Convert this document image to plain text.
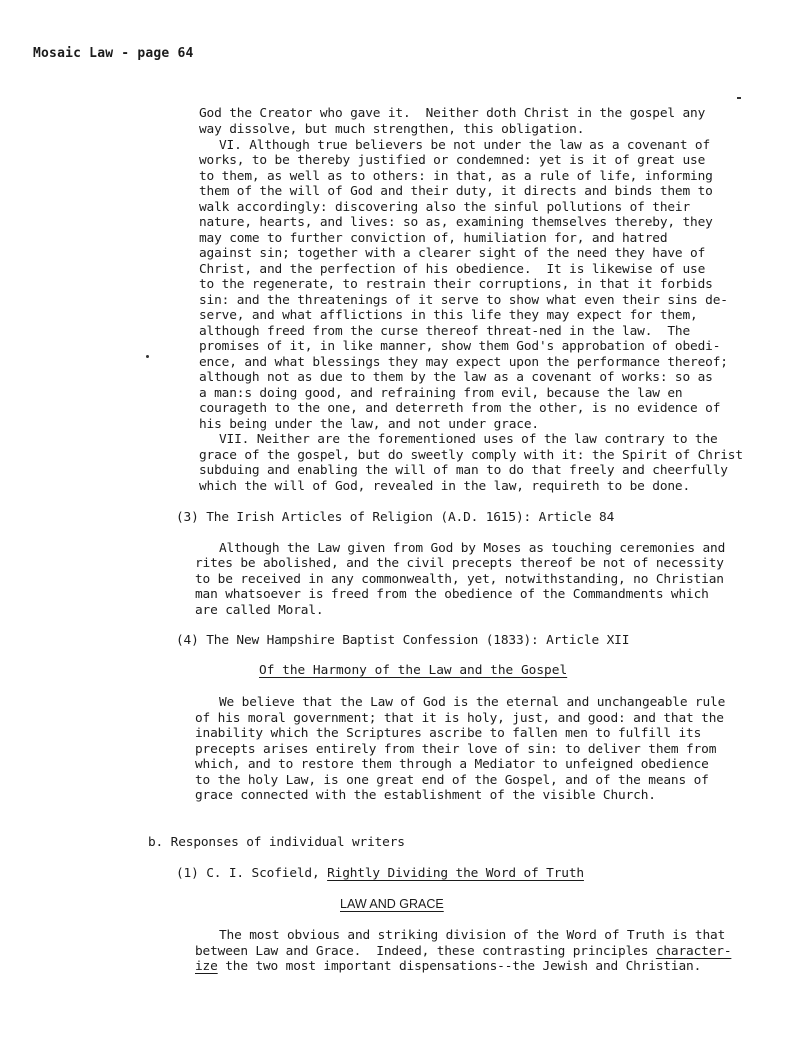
Mosaic Law - page 64
God the Creator who gave it.  Neither doth Christ in the gospel any
way dissolve, but much strengthen, this obligation.
VI. Although true believers be not under the law as a covenant of
works, to be thereby justified or condemned: yet is it of great use
to them, as well as to others: in that, as a rule of life, informing
them of the will of God and their duty, it directs and binds them to
walk accordingly: discovering also the sinful pollutions of their
nature, hearts, and lives: so as, examining themselves thereby, they
may come to further conviction of, humiliation for, and hatred
against sin; together with a clearer sight of the need they have of
Christ, and the perfection of his obedience.  It is likewise of use
to the regenerate, to restrain their corruptions, in that it forbids
sin: and the threatenings of it serve to show what even their sins de-
serve, and what afflictions in this life they may expect for them,
although freed from the curse thereof threat-ned in the law.  The
promises of it, in like manner, show them God's approbation of obedi-
ence, and what blessings they may expect upon the performance thereof;
although not as due to them by the law as a covenant of works: so as
a man:s doing good, and refraining from evil, because the law en
courageth to the one, and deterreth from the other, is no evidence of
his being under the law, and not under grace.
VII. Neither are the forementioned uses of the law contrary to the
grace of the gospel, but do sweetly comply with it: the Spirit of Christ
subduing and enabling the will of man to do that freely and cheerfully
which the will of God, revealed in the law, requireth to be done.
(3) The Irish Articles of Religion (A.D. 1615): Article 84
Although the Law given from God by Moses as touching ceremonies and
rites be abolished, and the civil precepts thereof be not of necessity
to be received in any commonwealth, yet, notwithstanding, no Christian
man whatsoever is freed from the obedience of the Commandments which
are called Moral.
(4) The New Hampshire Baptist Confession (1833): Article XII
Of the Harmony of the Law and the Gospel
We believe that the Law of God is the eternal and unchangeable rule
of his moral government; that it is holy, just, and good: and that the
inability which the Scriptures ascribe to fallen men to fulfill its
precepts arises entirely from their love of sin: to deliver them from
which, and to restore them through a Mediator to unfeigned obedience
to the holy Law, is one great end of the Gospel, and of the means of
grace connected with the establishment of the visible Church.
b. Responses of individual writers
(1) C. I. Scofield, Rightly Dividing the Word of Truth
LAW AND GRACE
The most obvious and striking division of the Word of Truth is that
between Law and Grace.  Indeed, these contrasting principles character-
ize the two most important dispensations--the Jewish and Christian.
